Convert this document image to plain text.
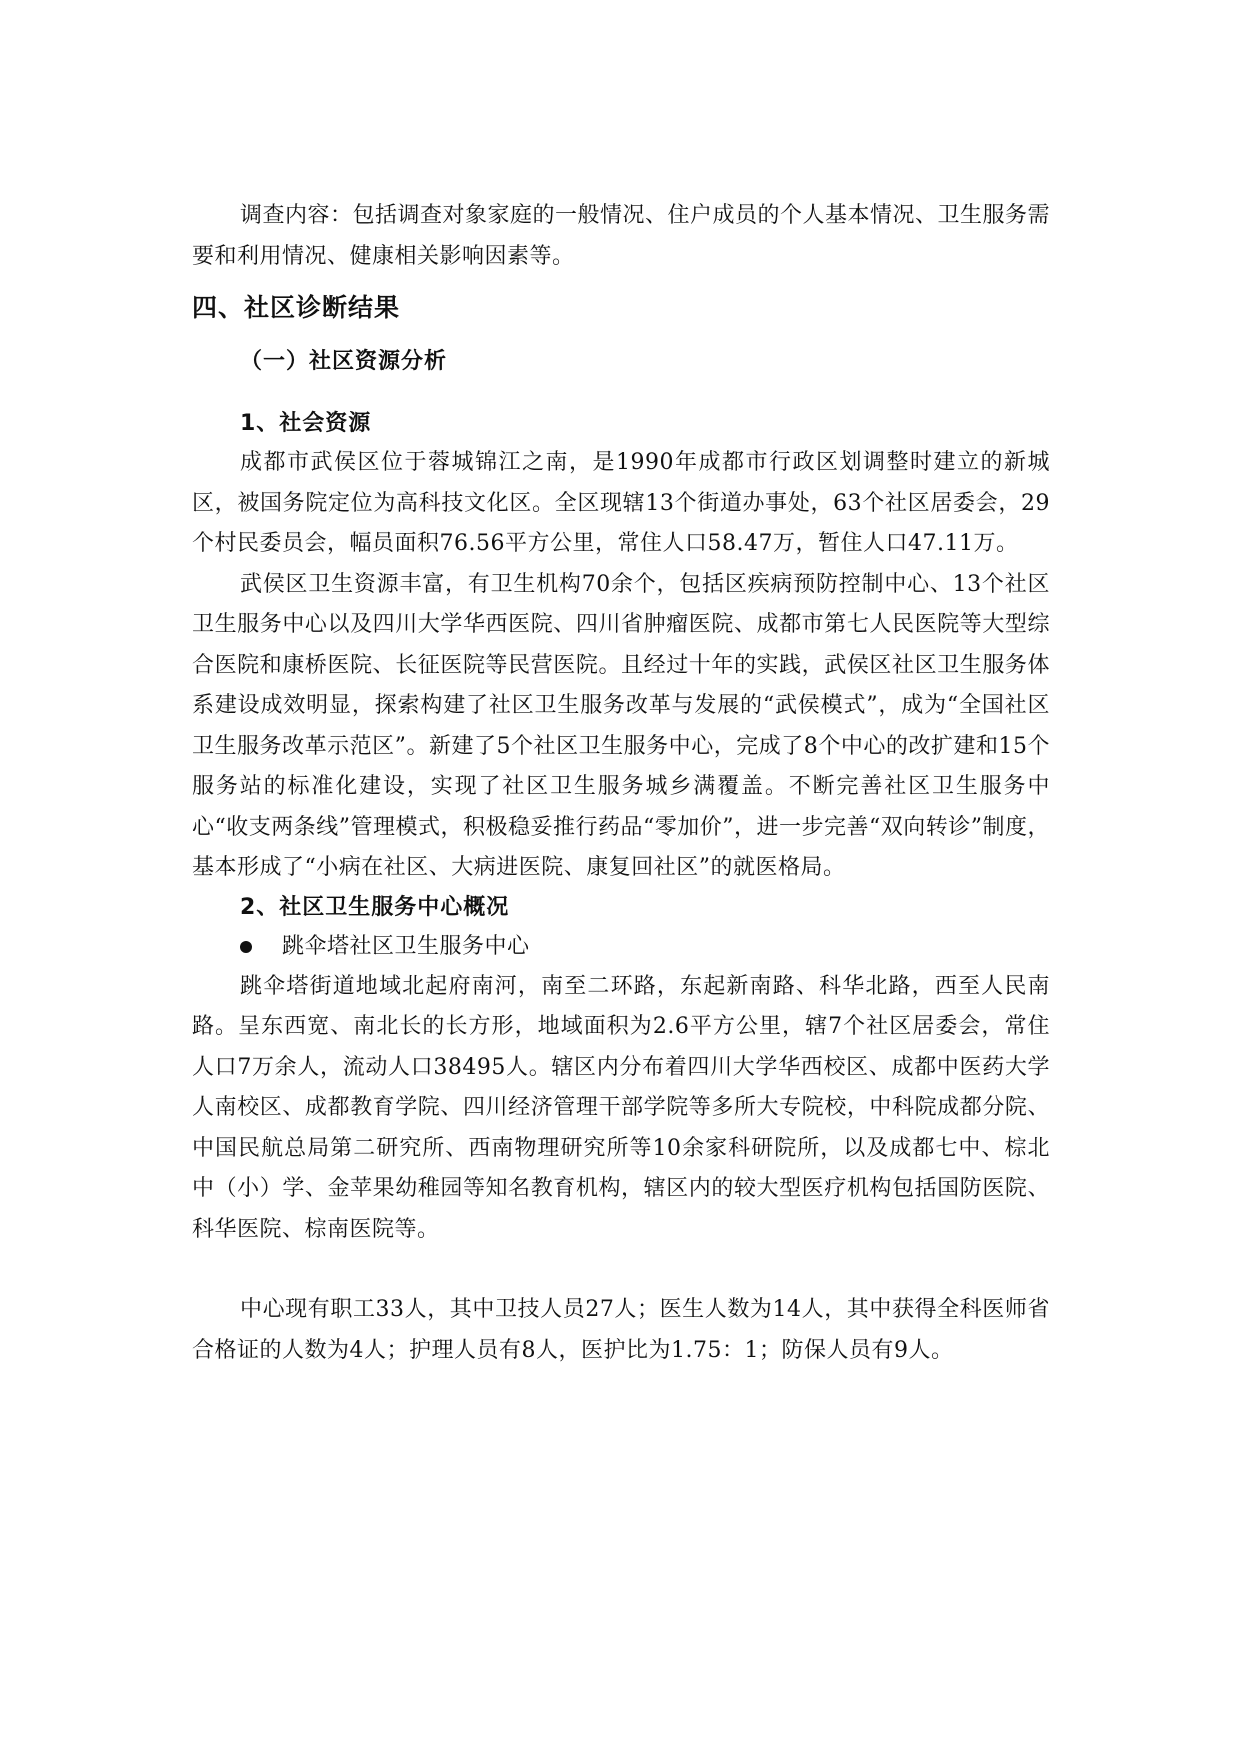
调查内容：包括调查对象家庭的一般情况、住户成员的个人基本情况、卫生服务需要和利用情况、健康相关影响因素等。

四、社区诊断结果
（一）社区资源分析
1、社会资源

成都市武侯区位于蓉城锦江之南，是1990年成都市行政区划调整时建立的新城区，被国务院定位为高科技文化区。全区现辖13个街道办事处，63个社区居委会，29个村民委员会，幅员面积76.56平方公里，常住人口58.47万，暂住人口47.11万。

武侯区卫生资源丰富，有卫生机构70余个，包括区疾病预防控制中心、13个社区卫生服务中心以及四川大学华西医院、四川省肿瘤医院、成都市第七人民医院等大型综合医院和康桥医院、长征医院等民营医院。且经过十年的实践，武侯区社区卫生服务体系建设成效明显，探索构建了社区卫生服务改革与发展的“武侯模式”，成为“全国社区卫生服务改革示范区”。新建了5个社区卫生服务中心，完成了8个中心的改扩建和15个服务站的标准化建设，实现了社区卫生服务城乡满覆盖。不断完善社区卫生服务中心“收支两条线”管理模式，积极稳妥推行药品“零加价”，进一步完善“双向转诊”制度，基本形成了“小病在社区、大病进医院、康复回社区”的就医格局。

2、社区卫生服务中心概况
跳伞塔社区卫生服务中心

跳伞塔街道地域北起府南河，南至二环路，东起新南路、科华北路，西至人民南路。呈东西宽、南北长的长方形，地域面积为2.6平方公里，辖7个社区居委会，常住人口7万余人，流动人口38495人。辖区内分布着四川大学华西校区、成都中医药大学人南校区、成都教育学院、四川经济管理干部学院等多所大专院校，中科院成都分院、中国民航总局第二研究所、西南物理研究所等10余家科研院所，以及成都七中、棕北中（小）学、金苹果幼稚园等知名教育机构，辖区内的较大型医疗机构包括国防医院、科华医院、棕南医院等。

中心现有职工33人，其中卫技人员27人；医生人数为14人，其中获得全科医师省合格证的人数为4人；护理人员有8人，医护比为1.75：1；防保人员有9人。
